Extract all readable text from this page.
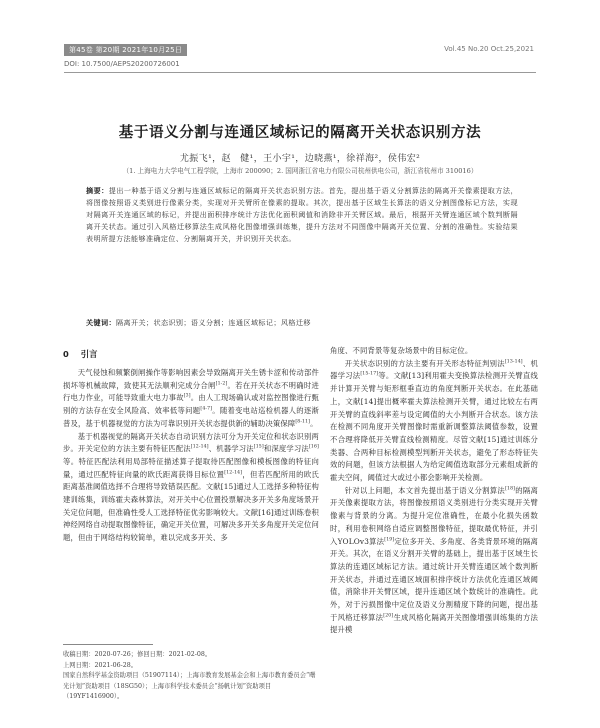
第45卷 第20期 2021年10月25日	Vol.45 No.20 Oct.25,2021
DOI: 10.7500/AEPS20200726001
基于语义分割与连通区域标记的隔离开关状态识别方法
尤振飞¹，赵　健¹，王小宇¹，边晓燕¹，徐祥海²，侯伟宏²
（1. 上海电力大学电气工程学院，上海市 200090；2. 国网浙江省电力有限公司杭州供电公司，浙江省杭州市 310016）
摘要：提出一种基于语义分割与连通区域标记的隔离开关状态识别方法。首先，提出基于语义分割算法的隔离开关像素提取方法，将图像按照语义类别进行像素分类，实现对开关臂所在像素的提取。其次，提出基于区域生长算法的语义分割图像标记方法，实现对隔离开关连通区域的标记，并提出面积排序统计方法优化面积阈值和消除非开关臂区域。最后，根据开关臂连通区域个数判断隔离开关状态。通过引入风格迁移算法生成风格化图像增强训练集，提升方法对不同图像中隔离开关位置、分割的准确性。实验结果表明所提方法能够准确定位、分割隔离开关，并识别开关状态。
关键词：隔离开关；状态识别；语义分割；连通区域标记；风格迁移
0 引言

天气侵蚀和频繁倒闸操作等影响因素会导致隔离开关生锈卡涩和传动部件损坏等机械故障，致使其无法顺利完成分合闸[1-2]。若在开关状态不明确时进行电力作业，可能导致重大电力事故[3]。由人工现场确认或对监控图像进行甄别的方法存在安全风险高、效率低等问题[4-7]。随着变电站巡检机器人的逐渐普及，基于机器视觉的方法为可靠识别开关状态提供新的辅助决策保障[8-11]。

基于机器视觉的隔离开关状态自动识别方法可分为开关定位和状态识别两步。开关定位的方法主要有特征匹配法[12-14]、机器学习法[15]和深度学习法[16]等。特征匹配法利用局部特征描述算子提取待匹配图像和模板图像的特征向量，通过匹配特征向量的欧氏距离获得目标位置[12-14]，但若匹配所用的欧氏距离基准阈值选择不合理将导致错误匹配。文献[15]通过人工选择多种特征构建训练集，训练霍夫森林算法，对开关中心位置投票解决多开关多角度场景开关定位问题，但准确性受人工选择特征优劣影响较大。文献[16]通过训练卷积神经网络自动提取图像特征，确定开关位置，可解决多开关多角度开关定位问题，但由于网络结构较简单，难以完成多开关、多

角度、不同背景等复杂场景中的目标定位。

开关状态识别的方法主要有开关形态特征判别法[13-14]、机器学习法[15-17]等。文献[13]利用霍夫变换算法检测开关臂直线并计算开关臂与矩形框垂直边的角度判断开关状态。在此基础上，文献[14]提出概率霍夫算法检测开关臂，通过比较左右两开关臂的直线斜率差与设定阈值的大小判断开合状态。该方法在检测不同角度开关臂图像时需重新调整算法阈值参数，设置不合理将降低开关臂直线检测精度。尽管文献[15]通过训练分类器、合两种目标检测模型判断开关状态，避免了形态特征失效的问题，但该方法根据人为给定阈值选取部分元素组成新的霍夫空间，阈值过大或过小都会影响开关检测。

针对以上问题，本文首先提出基于语义分割算法[18]的隔离开关像素提取方法，将图像按照语义类别进行分类实现开关臂像素与背景的分离。为提升定位准确性，在最小化损失函数时，利用卷积网络自适应调整图像特征，提取最优特征，并引入YOLOv3算法[19]定位多开关、多角度、各类背景环境的隔离开关。其次，在语义分割开关臂的基础上，提出基于区域生长算法的连通区域标记方法。通过统计开关臂连通区域个数判断开关状态，并通过连通区域面积排序统计方法优化连通区域阈值，消除非开关臂区域，提升连通区域个数统计的准确性。此外，对于污损图像中定位及语义分割精度下降的问题，提出基于风格迁移算法[20]生成风格化隔离开关图像增强训练集的方法提升模

收稿日期：2020-07-26；修回日期：2021-02-08。
上网日期：2021-06-28。
国家自然科学基金资助项目（51907114）；上海市教育发展基金会和上海市教育委员会“曙光计划”资助项目（18SG50）；上海市科学技术委员会“扬帆计划”资助项目（19YF1416900）。
